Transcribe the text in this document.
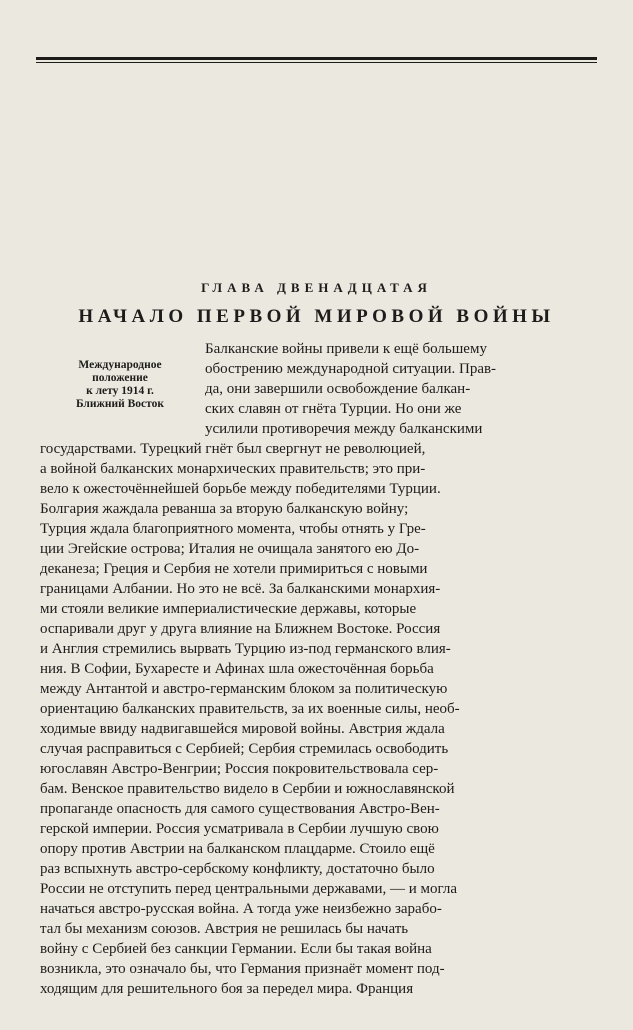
ГЛАВА ДВЕНАДЦАТАЯ
НАЧАЛО ПЕРВОЙ МИРОВОЙ ВОЙНЫ
Международное
положение
к лету 1914 г.
Ближний Восток
Балканские войны привели к ещё большему
обострению международной ситуации. Прав-
да, они завершили освобождение балкан-
ских славян от гнёта Турции. Но они же
усилили противоречия между балканскими
государствами. Турецкий гнёт был свергнут не революцией,
а войной балканских монархических правительств; это при-
вело к ожесточённейшей борьбе между победителями Турции.
Болгария жаждала реванша за вторую балканскую войну;
Турция ждала благоприятного момента, чтобы отнять у Гре-
ции Эгейские острова; Италия не очищала занятого ею До-
деканеза; Греция и Сербия не хотели примириться с новыми
границами Албании. Но это не всё. За балканскими монархия-
ми стояли великие империалистические державы, которые
оспаривали друг у друга влияние на Ближнем Востоке. Россия
и Англия стремились вырвать Турцию из-под германского влия-
ния. В Софии, Бухаресте и Афинах шла ожесточённая борьба
между Антантой и австро-германским блоком за политическую
ориентацию балканских правительств, за их военные силы, необ-
ходимые ввиду надвигавшейся мировой войны. Австрия ждала
случая расправиться с Сербией; Сербия стремилась освободить
югославян Австро-Венгрии; Россия покровительствовала сер-
бам. Венское правительство видело в Сербии и южнославянской
пропаганде опасность для самого существования Австро-Вен-
герской империи. Россия усматривала в Сербии лучшую свою
опору против Австрии на балканском плацдарме. Стоило ещё
раз вспыхнуть австро-сербскому конфликту, достаточно было
России не отступить перед центральными державами, — и могла
начаться австро-русская война. А тогда уже неизбежно зарабо-
тал бы механизм союзов. Австрия не решилась бы начать
войну с Сербией без санкции Германии. Если бы такая война
возникла, это означало бы, что Германия признаёт момент под-
ходящим для решительного боя за передел мира. Франция
